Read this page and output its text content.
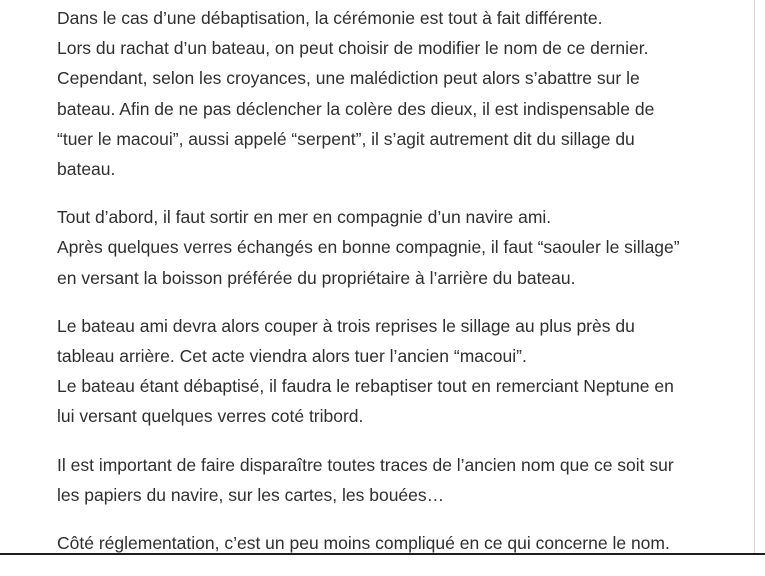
Dans le cas d’une débaptisation, la cérémonie est tout à fait différente.
Lors du rachat d’un bateau, on peut choisir de modifier le nom de ce dernier.
Cependant, selon les croyances, une malédiction peut alors s’abattre sur le
bateau. Afin de ne pas déclencher la colère des dieux, il est indispensable de
“tuer le macoui”, aussi appelé “serpent”, il s’agit autrement dit du sillage du
bateau.

Tout d’abord, il faut sortir en mer en compagnie d’un navire ami.
Après quelques verres échangés en bonne compagnie, il faut “saouler le sillage”
en versant la boisson préférée du propriétaire à l’arrière du bateau.

Le bateau ami devra alors couper à trois reprises le sillage au plus près du
tableau arrière. Cet acte viendra alors tuer l’ancien “macoui”.
Le bateau étant débaptisé, il faudra le rebaptiser tout en remerciant Neptune en
lui versant quelques verres coté tribord.

Il est important de faire disparaître toutes traces de l’ancien nom que ce soit sur
les papiers du navire, sur les cartes, les bouées…

Côté réglementation, c’est un peu moins compliqué en ce qui concerne le nom.
